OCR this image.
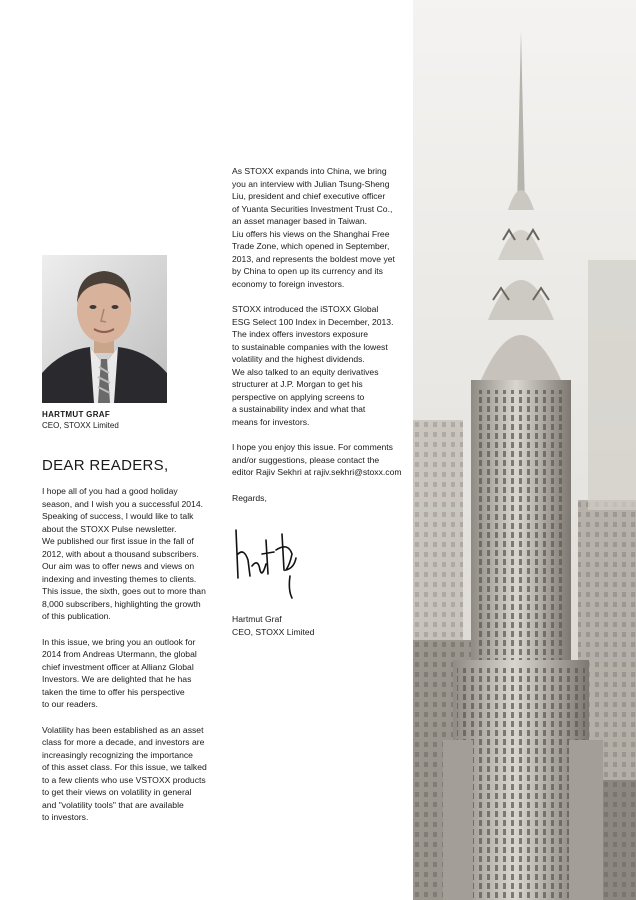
HARTMUT GRAF
CEO, STOXX Limited
DEAR READERS,

I hope all of you had a good holiday
season, and I wish you a successful 2014.
Speaking of success, I would like to talk
about the STOXX Pulse newsletter.
We published our first issue in the fall of
2012, with about a thousand subscribers.
Our aim was to offer news and views on
indexing and investing themes to clients.
This issue, the sixth, goes out to more than
8,000 subscribers, highlighting the growth
of this publication.

In this issue, we bring you an outlook for
2014 from Andreas Utermann, the global
chief investment officer at Allianz Global
Investors. We are delighted that he has
taken the time to offer his perspective
to our readers.

Volatility has been established as an asset
class for more a decade, and investors are
increasingly recognizing the importance
of this asset class. For this issue, we talked
to a few clients who use VSTOXX products
to get their views on volatility in general
and "volatility tools" that are available
to investors.

As STOXX expands into China, we bring
you an interview with Julian Tsung-Sheng
Liu, president and chief executive officer
of Yuanta Securities Investment Trust Co.,
an asset manager based in Taiwan.
Liu offers his views on the Shanghai Free
Trade Zone, which opened in September,
2013, and represents the boldest move yet
by China to open up its currency and its
economy to foreign investors.

STOXX introduced the iSTOXX Global
ESG Select 100 Index in December, 2013.
The index offers investors exposure
to sustainable companies with the lowest
volatility and the highest dividends.
We also talked to an equity derivatives
structurer at J.P. Morgan to get his
perspective on applying screens to
a sustainability index and what that
means for investors.

I hope you enjoy this issue. For comments
and/or suggestions, please contact the
editor Rajiv Sekhri at rajiv.sekhri@stoxx.com

Regards,

Hartmut Graf
CEO, STOXX Limited
